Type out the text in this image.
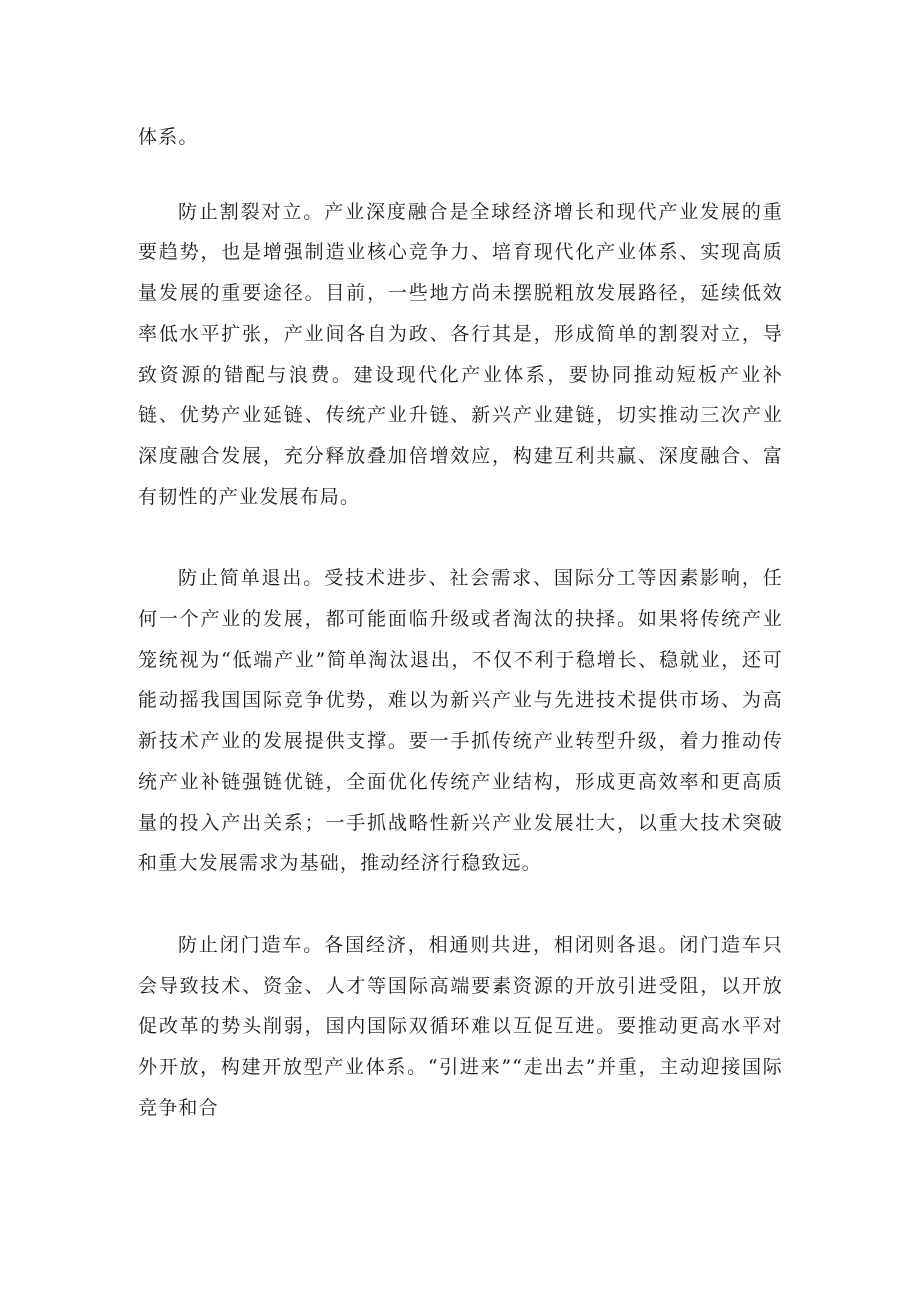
体系。

防止割裂对立。产业深度融合是全球经济增长和现代产业发展的重要趋势，也是增强制造业核心竞争力、培育现代化产业体系、实现高质量发展的重要途径。目前，一些地方尚未摆脱粗放发展路径，延续低效率低水平扩张，产业间各自为政、各行其是，形成简单的割裂对立，导致资源的错配与浪费。建设现代化产业体系，要协同推动短板产业补链、优势产业延链、传统产业升链、新兴产业建链，切实推动三次产业深度融合发展，充分释放叠加倍增效应，构建互利共赢、深度融合、富有韧性的产业发展布局。

防止简单退出。受技术进步、社会需求、国际分工等因素影响，任何一个产业的发展，都可能面临升级或者淘汰的抉择。如果将传统产业笼统视为“低端产业”简单淘汰退出，不仅不利于稳增长、稳就业，还可能动摇我国国际竞争优势，难以为新兴产业与先进技术提供市场、为高新技术产业的发展提供支撑。要一手抓传统产业转型升级，着力推动传统产业补链强链优链，全面优化传统产业结构，形成更高效率和更高质量的投入产出关系；一手抓战略性新兴产业发展壮大，以重大技术突破和重大发展需求为基础，推动经济行稳致远。

防止闭门造车。各国经济，相通则共进，相闭则各退。闭门造车只会导致技术、资金、人才等国际高端要素资源的开放引进受阻，以开放促改革的势头削弱，国内国际双循环难以互促互进。要推动更高水平对外开放，构建开放型产业体系。“引进来”“走出去”并重，主动迎接国际竞争和合
